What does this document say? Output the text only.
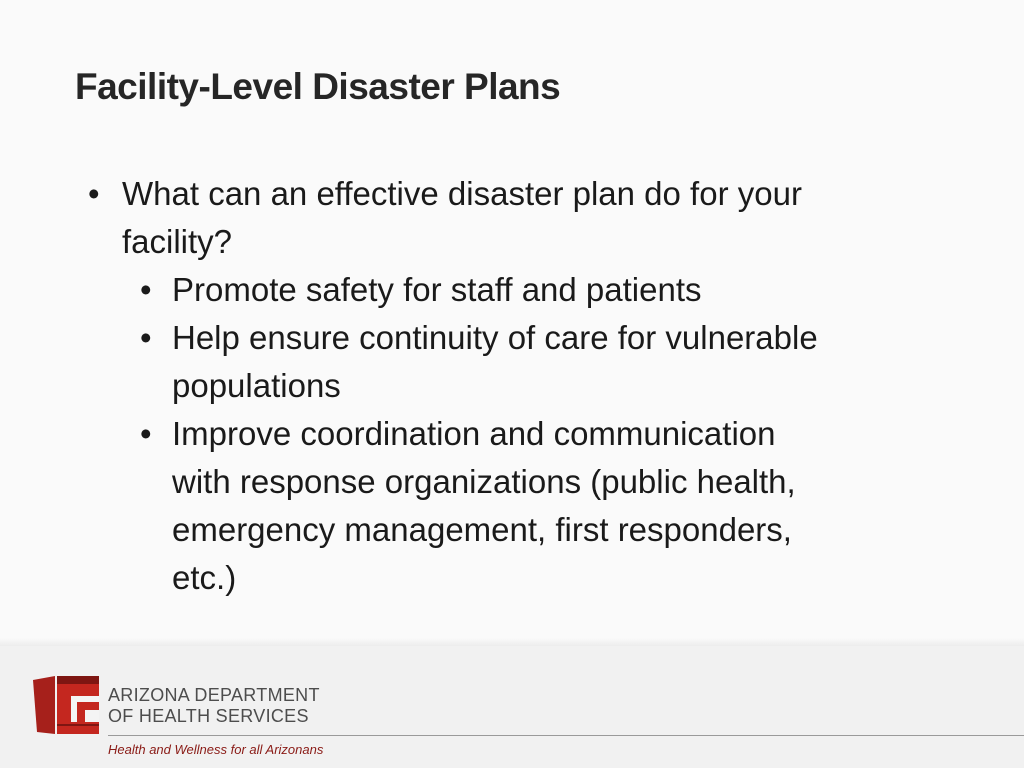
Facility-Level Disaster Plans
• What can an effective disaster plan do for your
facility?
• Promote safety for staff and patients
• Help ensure continuity of care for vulnerable
populations
• Improve coordination and communication
with response organizations (public health,
emergency management, first responders,
etc.)
ARIZONA DEPARTMENT
OF HEALTH SERVICES
Health and Wellness for all Arizonans
